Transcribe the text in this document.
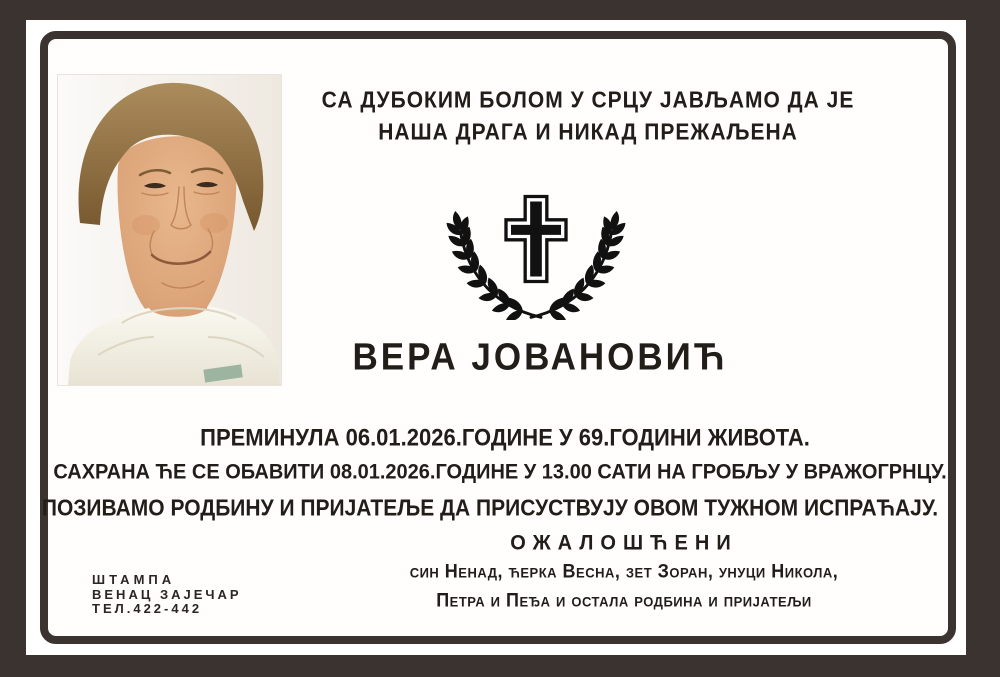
СА ДУБОКИМ БОЛОМ У СРЦУ ЈАВЉАМО ДА ЈЕ
НАША ДРАГА И НИКАД ПРЕЖАЉЕНА
ВЕРА ЈОВАНОВИЋ
ПРЕМИНУЛА 06.01.2026.ГОДИНЕ У 69.ГОДИНИ ЖИВОТА.
САХРАНА ЋЕ СЕ ОБАВИТИ 08.01.2026.ГОДИНЕ У 13.00 САТИ НА ГРОБЉУ У ВРАЖОГРНЦУ.
ПОЗИВАМО РОДБИНУ И ПРИЈАТЕЉЕ ДА ПРИСУСТВУЈУ ОВОМ ТУЖНОМ ИСПРАЋАЈУ.
ОЖАЛОШЋЕНИ
син Ненад, ћерка Весна, зет Зоран, унуци Никола,
Петра и Пеђа и остала родбина и пријатељи
ШТАМПА
ВЕНАЦ ЗАЈЕЧАР
ТЕЛ.422-442
